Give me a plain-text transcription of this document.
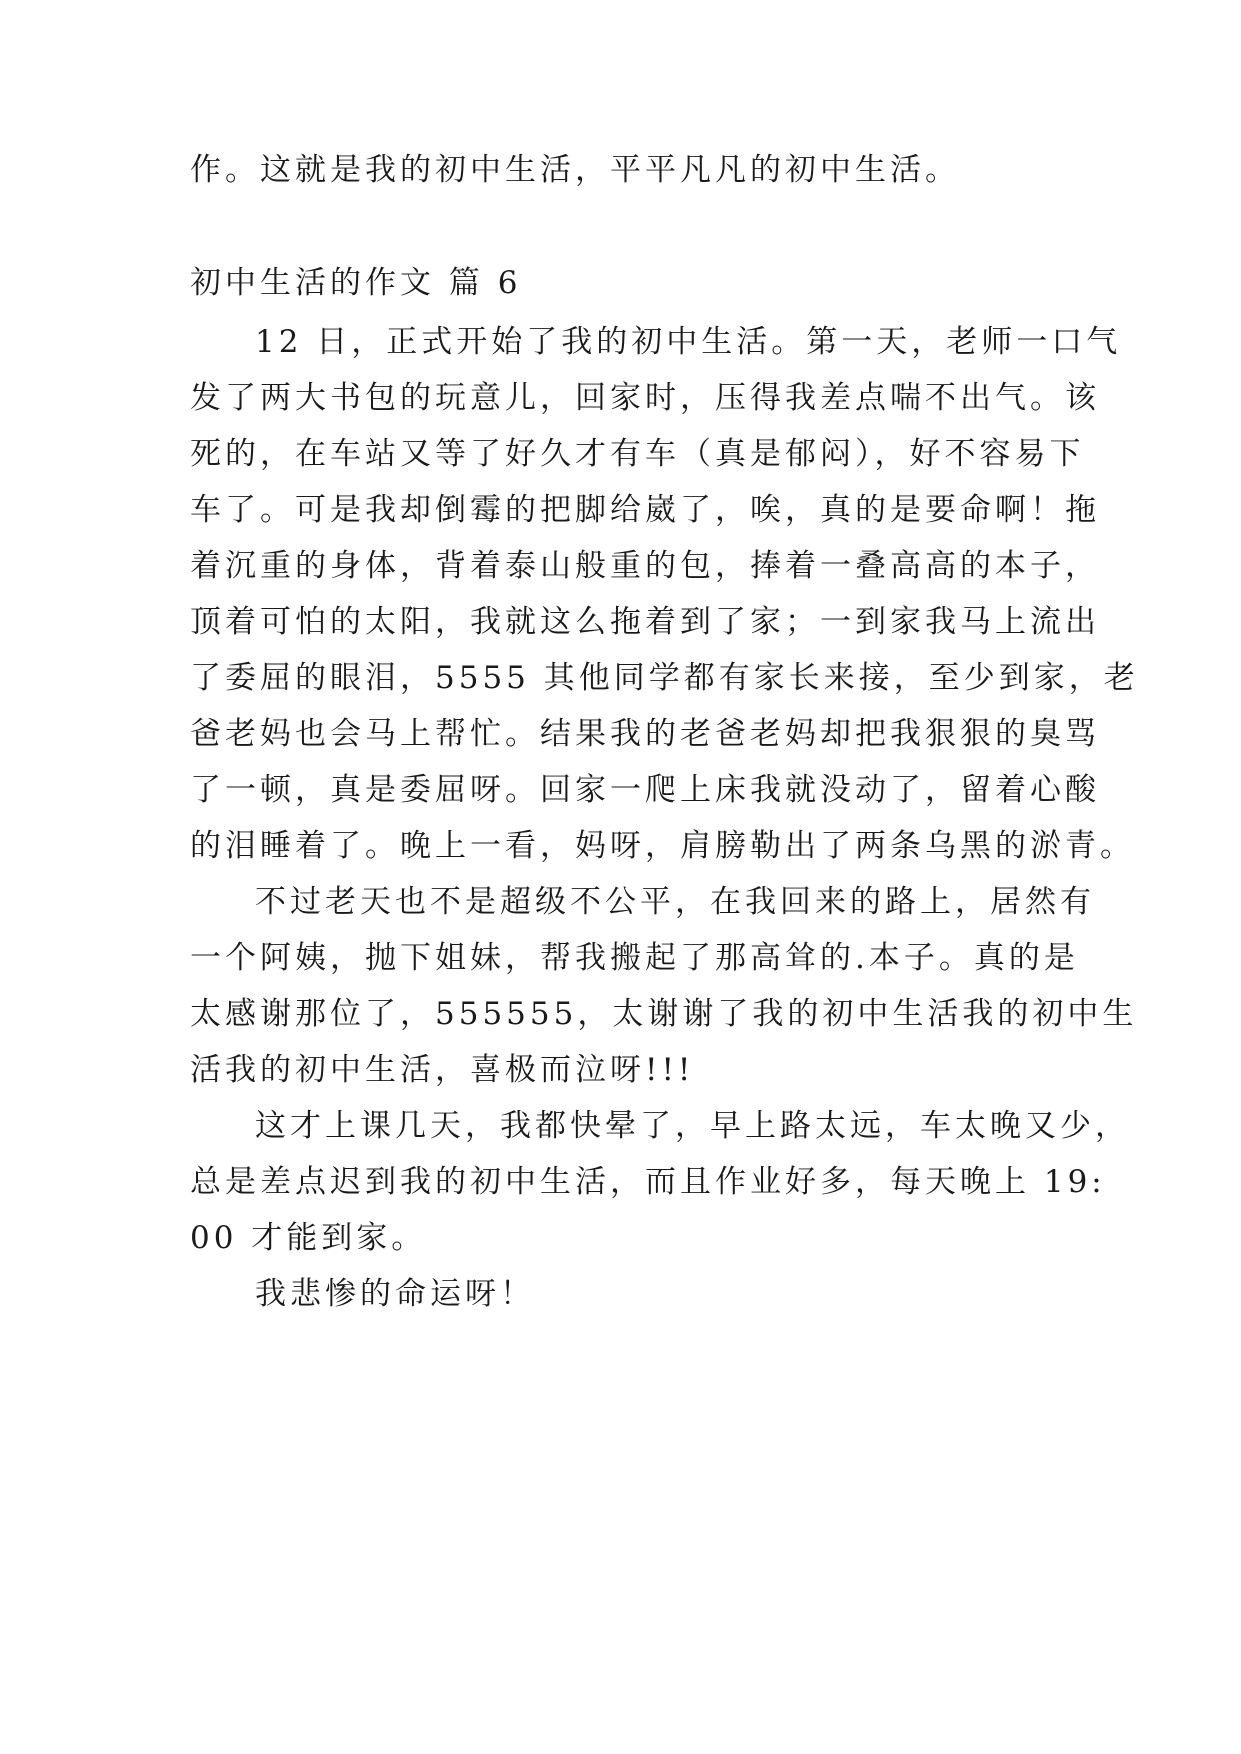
作。这就是我的初中生活，平平凡凡的初中生活。

初中生活的作文 篇 6

12 日，正式开始了我的初中生活。第一天，老师一口气

发了两大书包的玩意儿，回家时，压得我差点喘不出气。该

死的，在车站又等了好久才有车（真是郁闷），好不容易下

车了。可是我却倒霉的把脚给崴了，唉，真的是要命啊！拖

着沉重的身体，背着泰山般重的包，捧着一叠高高的本子，

顶着可怕的太阳，我就这么拖着到了家；一到家我马上流出

了委屈的眼泪，5555 其他同学都有家长来接，至少到家，老

爸老妈也会马上帮忙。结果我的老爸老妈却把我狠狠的臭骂

了一顿，真是委屈呀。回家一爬上床我就没动了，留着心酸

的泪睡着了。晚上一看，妈呀，肩膀勒出了两条乌黑的淤青。

不过老天也不是超级不公平，在我回来的路上，居然有

一个阿姨，抛下姐妹，帮我搬起了那高耸的.本子。真的是

太感谢那位了，555555，太谢谢了我的初中生活我的初中生

活我的初中生活，喜极而泣呀!!!

这才上课几天，我都快晕了，早上路太远，车太晚又少，

总是差点迟到我的初中生活，而且作业好多，每天晚上 19:

00 才能到家。

我悲惨的命运呀！
